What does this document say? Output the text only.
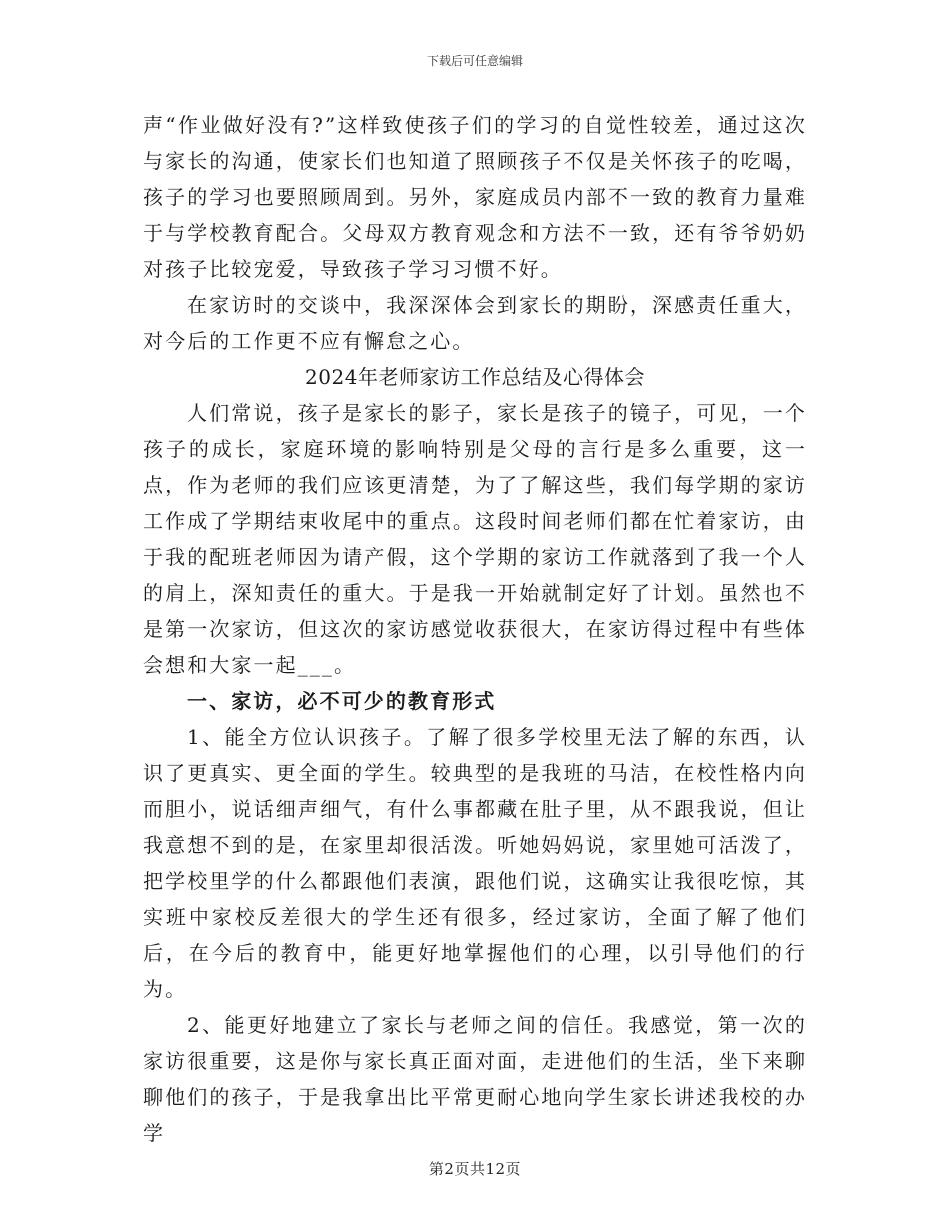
下载后可任意编辑

声“作业做好没有?”这样致使孩子们的学习的自觉性较差，通过这次与家长的沟通，使家长们也知道了照顾孩子不仅是关怀孩子的吃喝，孩子的学习也要照顾周到。另外，家庭成员内部不一致的教育力量难于与学校教育配合。父母双方教育观念和方法不一致，还有爷爷奶奶对孩子比较宠爱，导致孩子学习习惯不好。

在家访时的交谈中，我深深体会到家长的期盼，深感责任重大，对今后的工作更不应有懈怠之心。

2024年老师家访工作总结及心得体会

人们常说，孩子是家长的影子，家长是孩子的镜子，可见，一个孩子的成长，家庭环境的影响特别是父母的言行是多么重要，这一点，作为老师的我们应该更清楚，为了了解这些，我们每学期的家访工作成了学期结束收尾中的重点。这段时间老师们都在忙着家访，由于我的配班老师因为请产假，这个学期的家访工作就落到了我一个人的肩上，深知责任的重大。于是我一开始就制定好了计划。虽然也不是第一次家访，但这次的家访感觉收获很大，在家访得过程中有些体会想和大家一起___。

一、家访，必不可少的教育形式

1、能全方位认识孩子。了解了很多学校里无法了解的东西，认识了更真实、更全面的学生。较典型的是我班的马洁，在校性格内向而胆小，说话细声细气，有什么事都藏在肚子里，从不跟我说，但让我意想不到的是，在家里却很活泼。听她妈妈说，家里她可活泼了，把学校里学的什么都跟他们表演，跟他们说，这确实让我很吃惊，其实班中家校反差很大的学生还有很多，经过家访，全面了解了他们后，在今后的教育中，能更好地掌握他们的心理，以引导他们的行为。

2、能更好地建立了家长与老师之间的信任。我感觉，第一次的家访很重要，这是你与家长真正面对面，走进他们的生活，坐下来聊聊他们的孩子，于是我拿出比平常更耐心地向学生家长讲述我校的办学

第2页共12页
